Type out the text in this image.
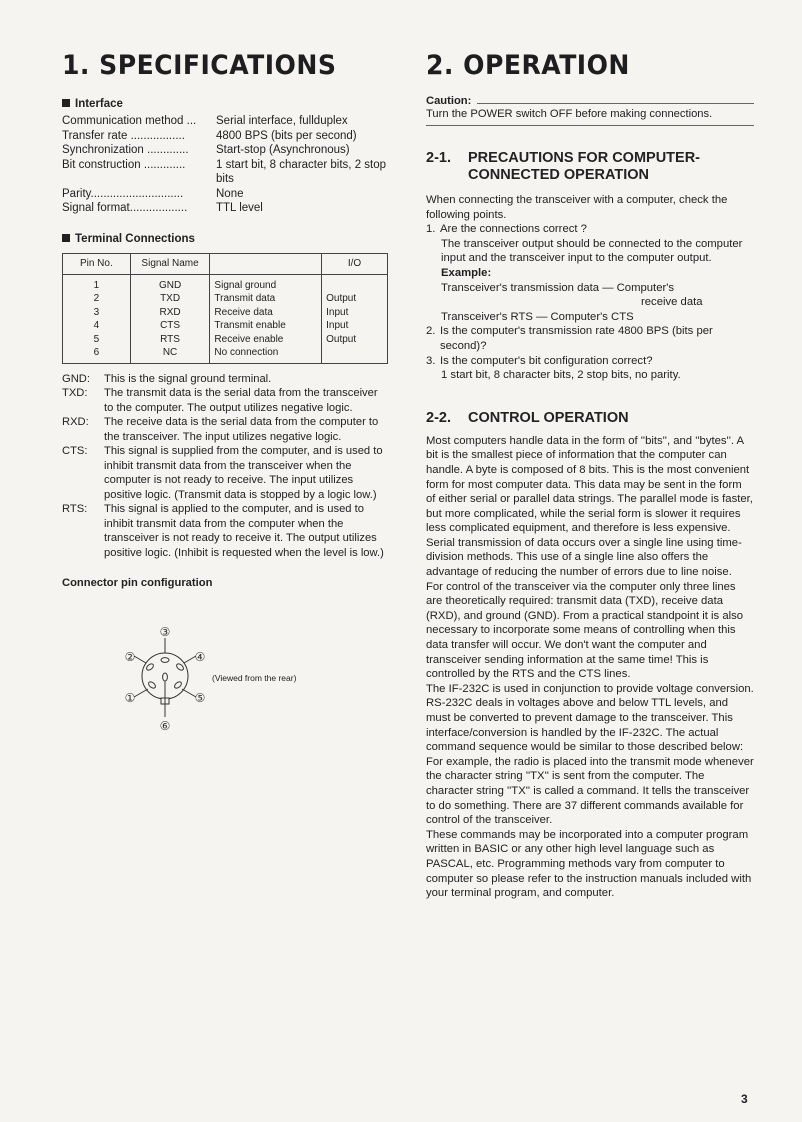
1. SPECIFICATIONS
Interface
Communication method ...	Serial interface, fullduplex
Transfer rate .................	4800 BPS (bits per second)
Synchronization .............	Start-stop (Asynchronous)
Bit construction .............	1 start bit, 8 character bits, 2 stop bits
Parity.............................	None
Signal format..................	TTL level
Terminal Connections
Pin No.	Signal Name		I/O
1	GND	Signal ground	
2	TXD	Transmit data	Output
3	RXD	Receive data	Input
4	CTS	Transmit enable	Input
5	RTS	Receive enable	Output
6	NC	No connection	
GND:	This is the signal ground terminal.
TXD:	The transmit data is the serial data from the transceiver to the computer. The output utilizes negative logic.
RXD:	The receive data is the serial data from the computer to the transceiver. The input utilizes negative logic.
CTS:	This signal is supplied from the computer, and is used to inhibit transmit data from the transceiver when the computer is not ready to receive. The input utilizes positive logic. (Transmit data is stopped by a logic low.)
RTS:	This signal is applied to the computer, and is used to inhibit transmit data from the computer when the transceiver is not ready to receive it. The output utilizes positive logic. (Inhibit is requested when the level is low.)
Connector pin configuration
①
②
③
④
⑤
⑥
(Viewed from the rear)
2. OPERATION
Caution:
Turn the POWER switch OFF before making connections.
2-1. PRECAUTIONS FOR COMPUTER-
CONNECTED OPERATION

When connecting the transceiver with a computer, check the following points.

1. Are the connections correct ?
The transceiver output should be connected to the computer input and the transceiver input to the computer output.
Example:
Transceiver's transmission data — Computer's
receive data
Transceiver's RTS — Computer's CTS
2. Is the computer's transmission rate 4800 BPS (bits per second)?
3. Is the computer's bit configuration correct?
1 start bit, 8 character bits, 2 stop bits, no parity.
2-2. CONTROL OPERATION

Most computers handle data in the form of ''bits'', and ''bytes''. A bit is the smallest piece of information that the computer can handle. A byte is composed of 8 bits. This is the most convenient form for most computer data. This data may be sent in the form of either serial or parallel data strings. The parallel mode is faster, but more complicated, while the serial form is slower it requires less complicated equipment, and therefore is less expensive.

Serial transmission of data occurs over a single line using time-division methods. This use of a single line also offers the advantage of reducing the number of errors due to line noise.

For control of the transceiver via the computer only three lines are theoretically required: transmit data (TXD), receive data (RXD), and ground (GND). From a practical standpoint it is also necessary to incorporate some means of controlling when this data transfer will occur. We don't want the computer and transceiver sending information at the same time! This is controlled by the RTS and the CTS lines.

The IF-232C is used in conjunction to provide voltage conversion. RS-232C deals in voltages above and below TTL levels, and must be converted to prevent damage to the transceiver. This interface/conversion is handled by the IF-232C. The actual command sequence would be similar to those described below:

For example, the radio is placed into the transmit mode whenever the character string ''TX'' is sent from the computer. The character string ''TX'' is called a command. It tells the transceiver to do something. There are 37 different commands available for control of the transceiver.

These commands may be incorporated into a computer program written in BASIC or any other high level language such as PASCAL, etc. Programming methods vary from computer to computer so please refer to the instruction manuals included with your terminal program, and computer.

3
